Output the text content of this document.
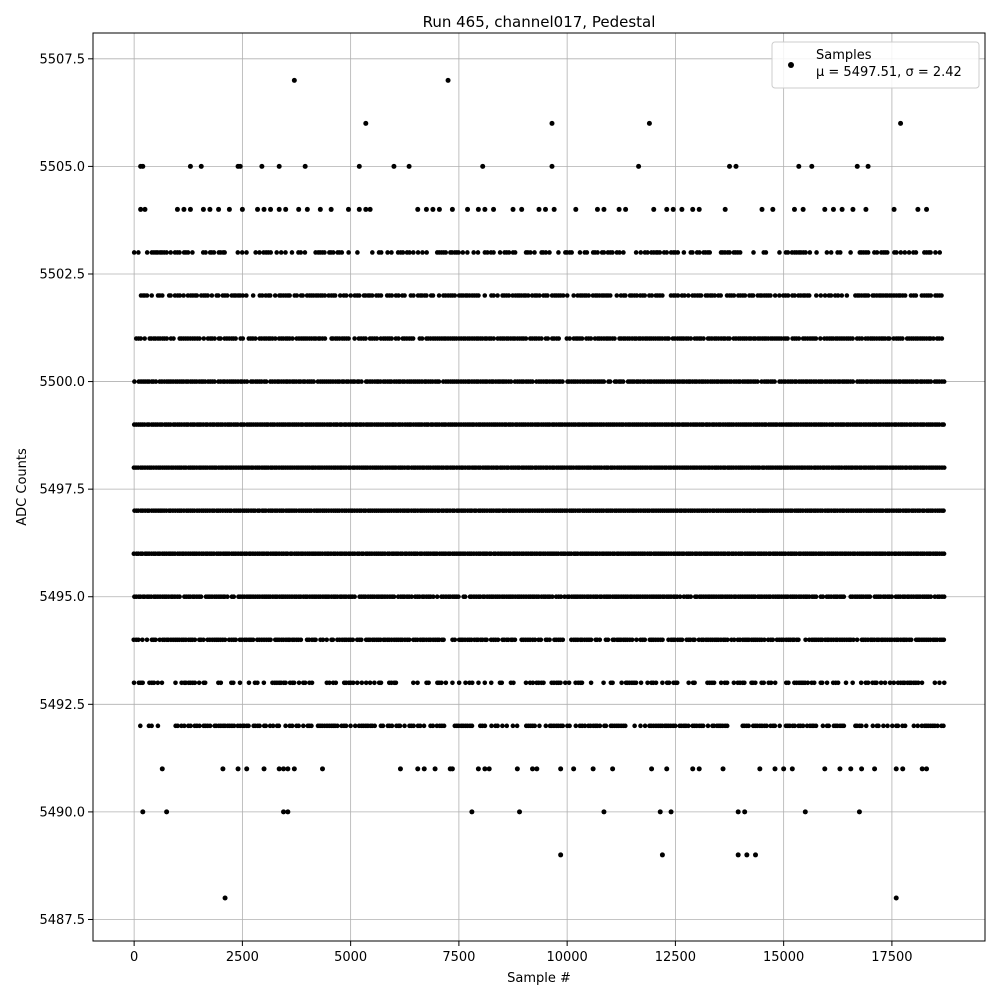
Run 465, channel017, Pedestal
0	2500	5000	7500	10000	12500	15000	17500
5487.5
5490.0
5492.5
5495.0
5497.5
5500.0
5502.5
5505.0
5507.5
Sample #
ADC Counts
Samples
μ = 5497.51, σ = 2.42
